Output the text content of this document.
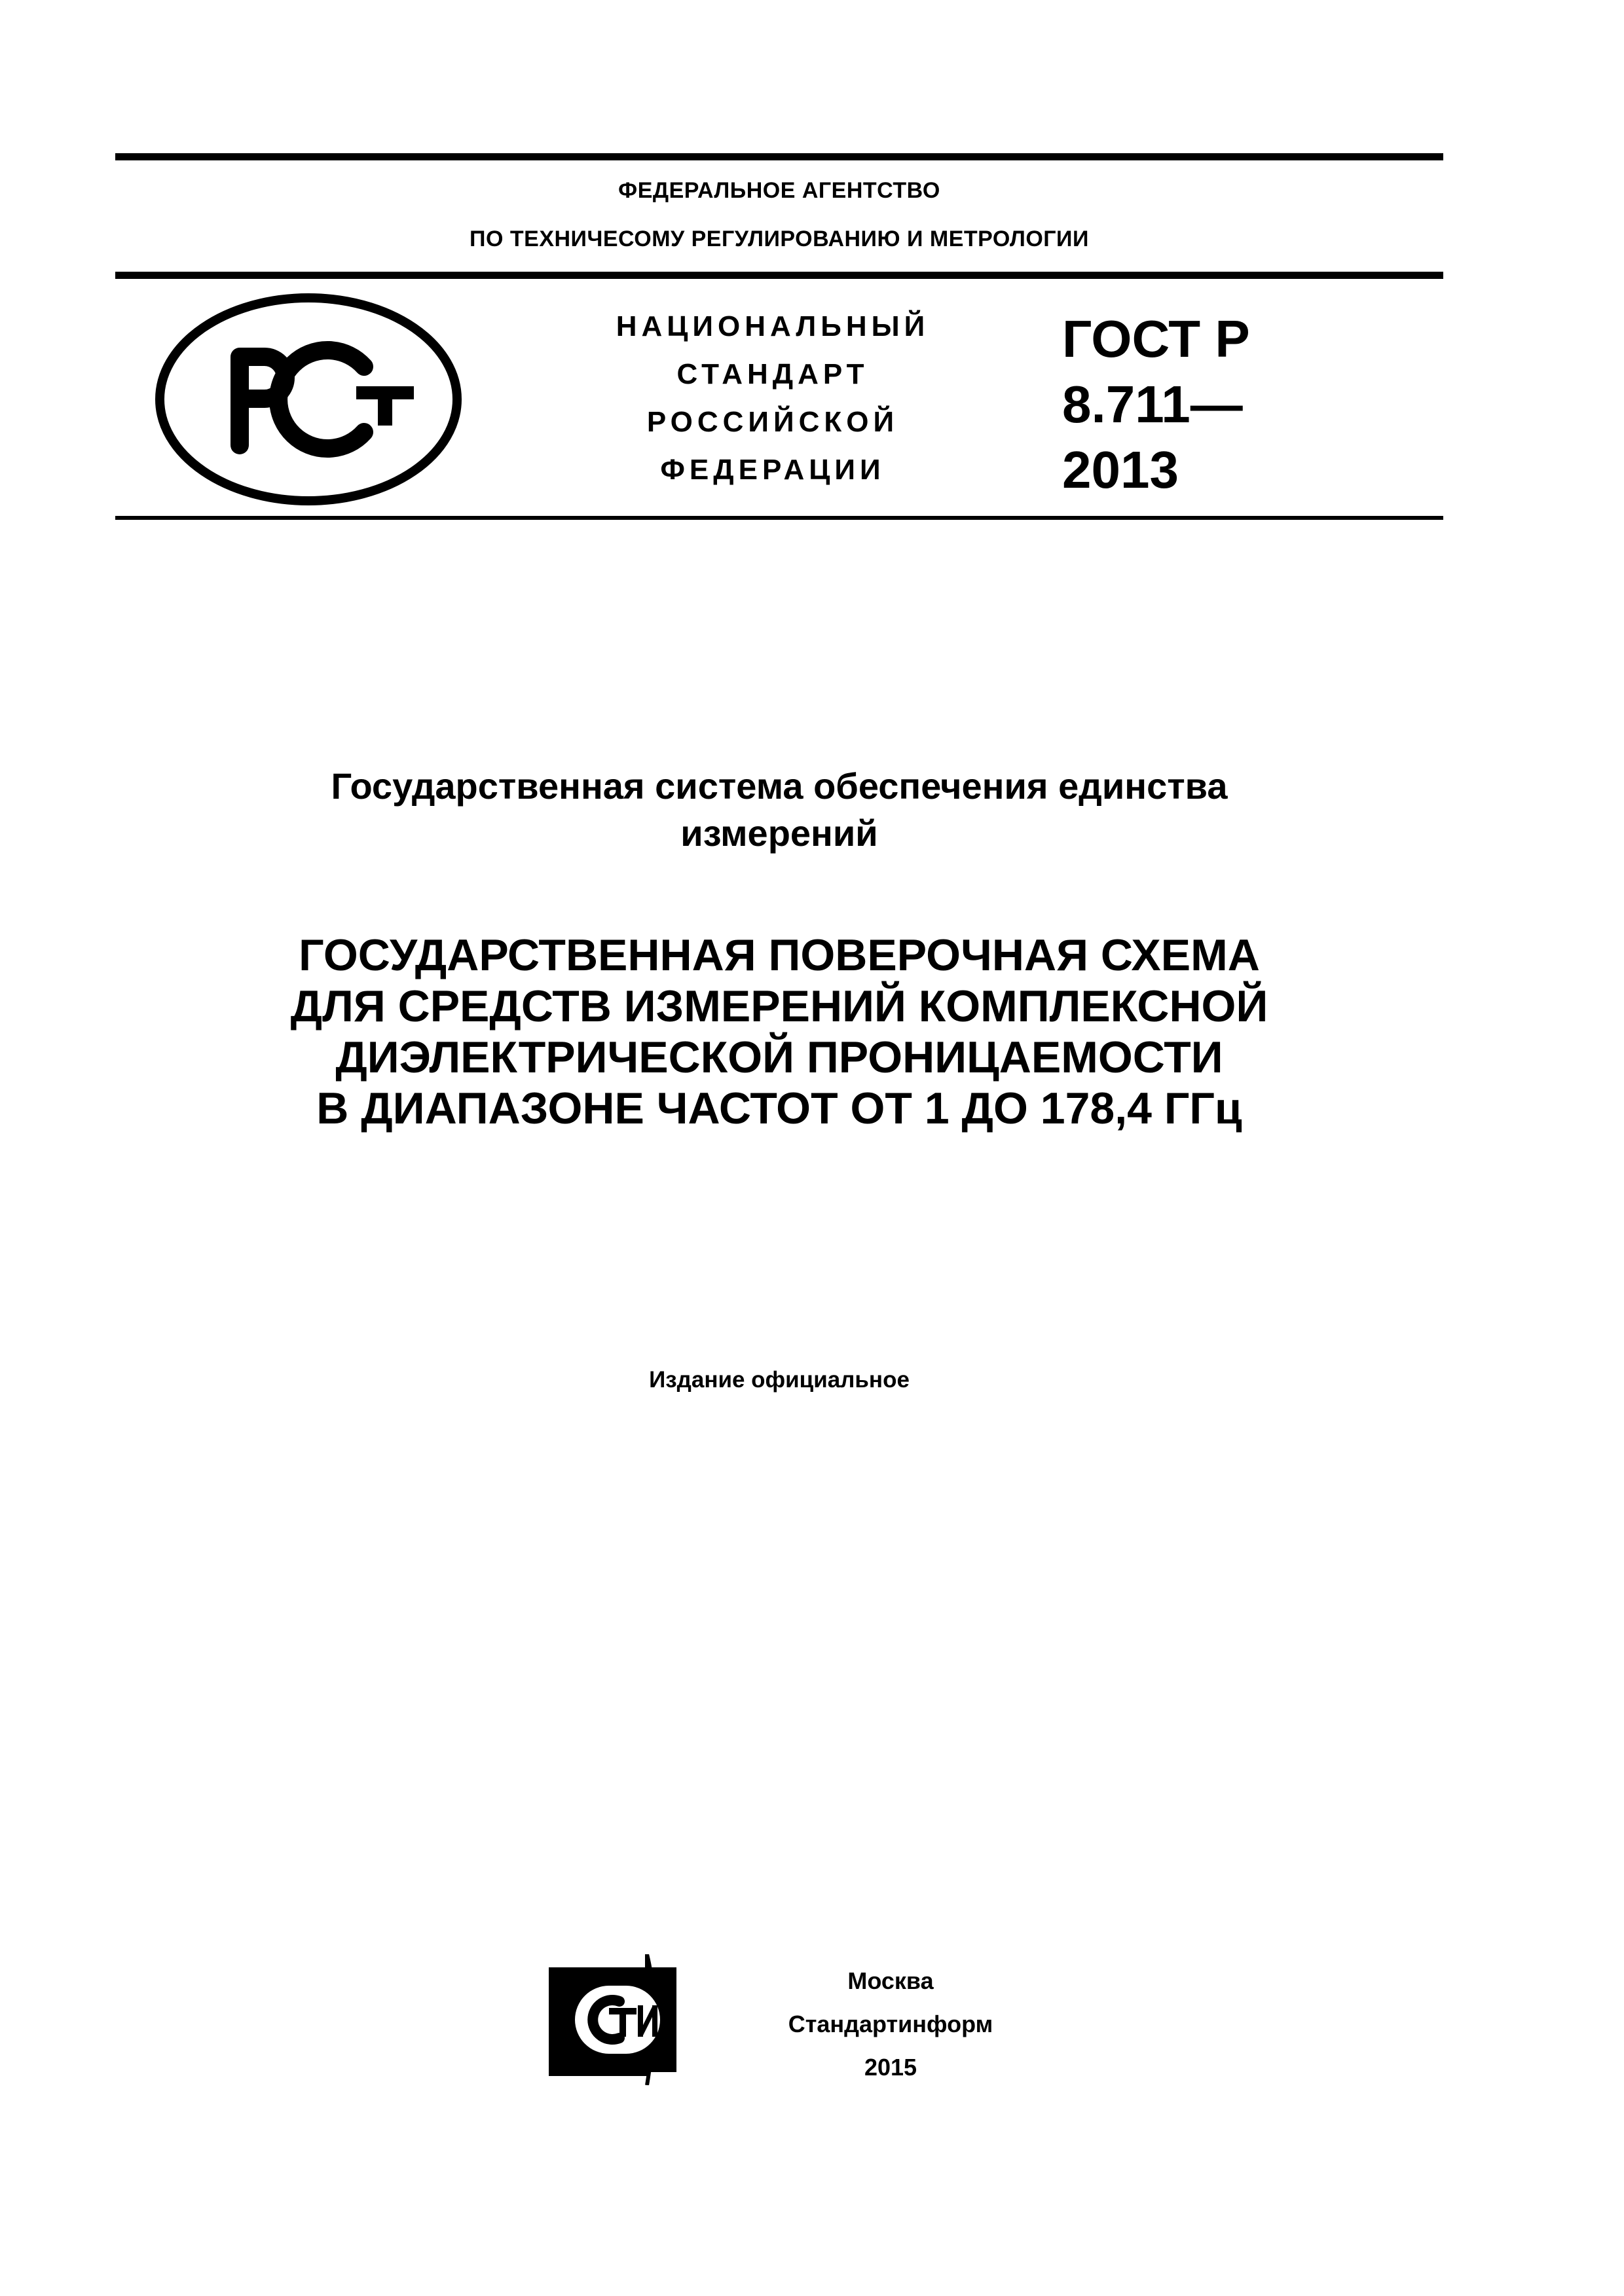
ФЕДЕРАЛЬНОЕ АГЕНТСТВО
ПО ТЕХНИЧЕСОМУ РЕГУЛИРОВАНИЮ И МЕТРОЛОГИИ
НАЦИОНАЛЬНЫЙ
СТАНДАРТ
РОССИЙСКОЙ
ФЕДЕРАЦИИ
ГОСТ Р
8.711—
2013
Государственная система обеспечения единства
измерений
ГОСУДАРСТВЕННАЯ ПОВЕРОЧНАЯ СХЕМА
ДЛЯ СРЕДСТВ ИЗМЕРЕНИЙ КОМПЛЕКСНОЙ
ДИЭЛЕКТРИЧЕСКОЙ ПРОНИЦАЕМОСТИ
В ДИАПАЗОНЕ ЧАСТОТ ОТ 1 ДО 178,4 ГГц
Издание официальное
Москва
Стандартинформ
2015
